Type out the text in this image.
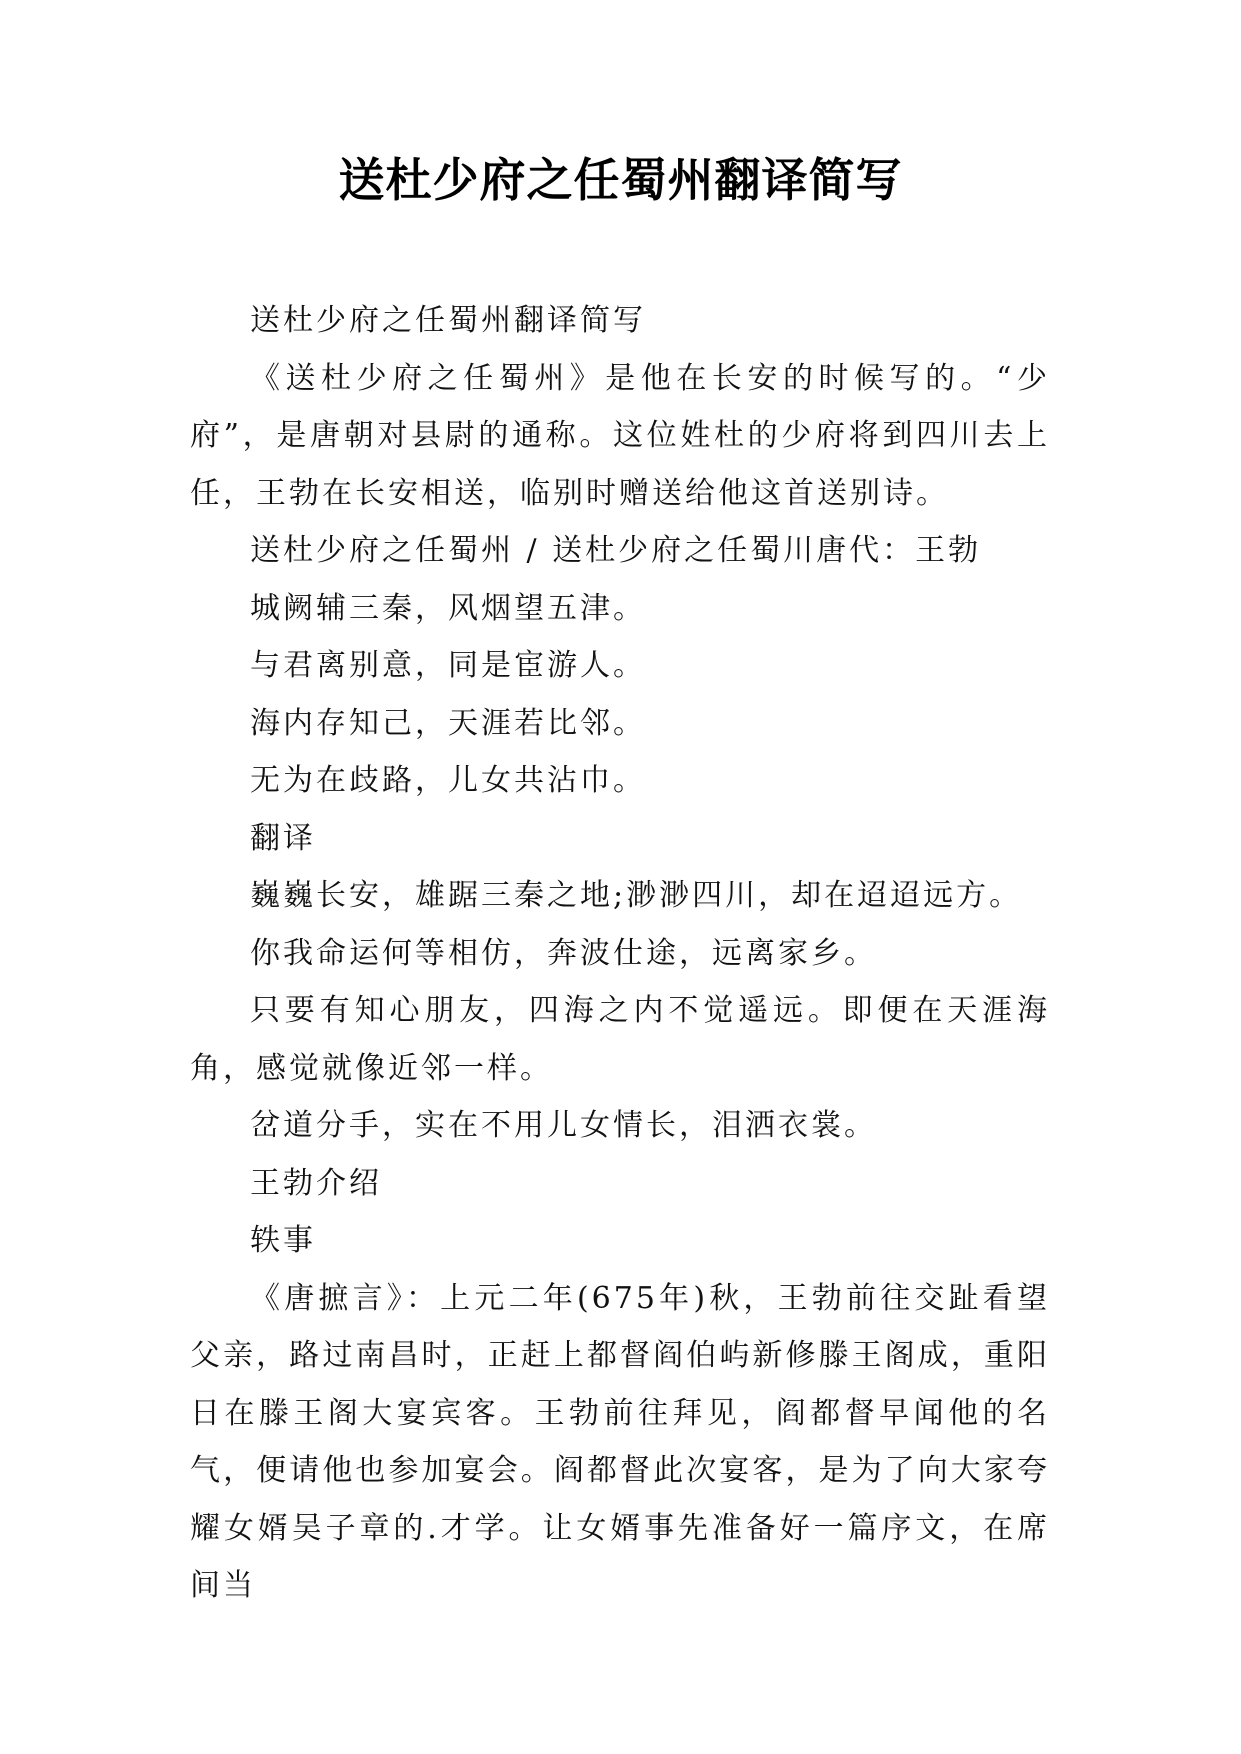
送杜少府之任蜀州翻译简写

送杜少府之任蜀州翻译简写

《送杜少府之任蜀州》是他在长安的时候写的。“少府”，是唐朝对县尉的通称。这位姓杜的少府将到四川去上任，王勃在长安相送，临别时赠送给他这首送别诗。

送杜少府之任蜀州 / 送杜少府之任蜀川唐代：王勃

城阙辅三秦，风烟望五津。

与君离别意，同是宦游人。

海内存知己，天涯若比邻。

无为在歧路，儿女共沾巾。

翻译

巍巍长安，雄踞三秦之地;渺渺四川，却在迢迢远方。

你我命运何等相仿，奔波仕途，远离家乡。

只要有知心朋友，四海之内不觉遥远。即便在天涯海角，感觉就像近邻一样。

岔道分手，实在不用儿女情长，泪洒衣裳。

王勃介绍

轶事

《唐摭言》：上元二年(675年)秋，王勃前往交趾看望父亲，路过南昌时，正赶上都督阎伯屿新修滕王阁成，重阳日在滕王阁大宴宾客。王勃前往拜见，阎都督早闻他的名气，便请他也参加宴会。阎都督此次宴客，是为了向大家夸耀女婿吴子章的.才学。让女婿事先准备好一篇序文，在席间当
